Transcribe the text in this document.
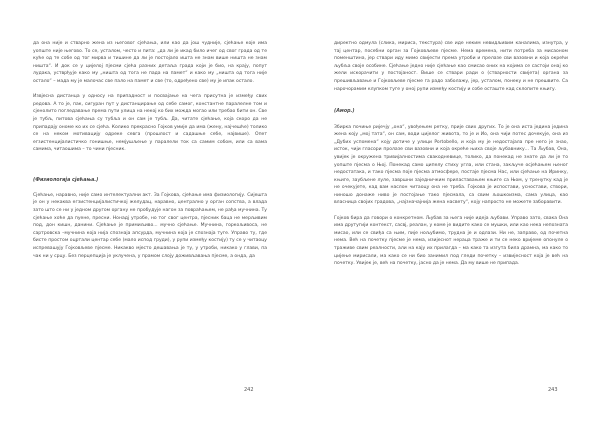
да она није и стварно жена из његовог сјећања, или као да још чудније, сјећање које има уопште није његово. То се, усталом, често и пита: „да ли је икад било ичег од свог града од те куће од те собе од тог мирва и тишине да ли је постојало ишта не знам више ништа не знам ништа“. И док се у цијелој пјесми сјећа разних детаља града који је био, на крају, попут лудака, устврђује како му „ништа од тога не пада на памет“ и како му „ништа од тога није остало“ – мада му је малочас све пало на памет и све (то, одређено све) му је ипак остало.

Извјесна дистанца у односу на припадност и посвајање на чега присутна је између свих редова. А то је, пак, сигуран пут у дистанцирање од себе самог, константне паралелне том и сјенолито погледавање према пути улица на некој ко бих можда могао или требао бити он. Све је тубљ, питова сјећања су тубља и он сам је тубљ. Да, читате сјећање, која скоро да не припадају ономе ко их се сјећа. Колико прекрасно Гојков умије да има (жену, најчешће) толико се на неком мотивацију одреке севга (прошлост и садашње себе, највише). Опет егзистенцијалистичко гонишње, немјушљење у паралели ток са самим собом, или са вама самима, читаошима – то чини пјесник.

(Физиологија сјећања.)

Сјећање, наравно, није само интелектуални акт. За Гојкова, сјећање има физиологију. Сијешта је он у некаква егзистенцијалистичкој желудац, наравно, централно у орган сопства, а влада зато што се ни у једном другом органу не пробудује нагон за повраћањем, не рађа мучнина. Ту сјећање хоће да пуене, пресни. Нонадј утробе, но тог свог центра, пјесник баца не мерљивим под, дон кишн, данини. Сјећање је примиљиво... мучно сјећање. Мучнина, горкољивоса, не сартровска –мучнина која нија спознаја апсурда, мучнина која је спознаја туге. Управо ту, где бисте простом оцртали центар себе (мало испод груди), у рупи између костију) ту се у читаоцу испревашују Гојковљеве пјесме. Никакво мјесто дешавања је ту, у утроби, никако у глави, па чак ни у срцу. Без перцепција је уклучена, у прамом слоју доживљавања пјесме, а онда, да

242

директно одмула (слика, мириса, текстура) све иде неким невидљивим каналима, изнутра, у тај центар, посебни орган за Гојковљеве пјесме. Нема времена, нити потреба за мисаоном поменштина, јер ствари иду мимо свијести према утроби и прелазе сви вазовни и која окрећи љубља своје особине. Сјећање једно није сјећање као смисао оних на којима се састоји онај ко жели искорачити у постојаност. Више се ствари ради о (стварности свијета) органа за прешивљавање и Гојковљеве пјесме га радо заболажу, јер, усталом, понеку и не прешвите. Са нарочорамим клупком туге у оној рупи између костију и собе осташте кад склопите књигу.

(Амор.)

Збирка почиње ријечју „она“, увођењем ретку, прије свих других. То је она иста једина једина жена коју „мој тата“, он сам, води цијелог живота, то је и Ио, она чији потес дочекује, она из „Дубих успомена“ коју дотиче у улици Portobello, и која му је недостајала пре него је знао, исток, чији гласори пролазе сви вазовни и која окреће њиха своје љубавнику... Та Љубав, Она, увијек је окружена тривијалностима свакодневице, толико, да понекад не знате да ли је то уопште пјесма о Њој. Понекад само ципелу стиху угла, или стана, закључе осјећањем њеног недостатака, и тако пјесма поје пјесма атмосфере, постаје пјесма Нас, или сјећање на Иринку, књиге, заубљене луле, завршни заједничким приластавањем књиге са Њом, у тренутку кад је не очекујете, кад вам наслон читаоцу она не треба. Гојкова је испостави, усностави, створи, ниношо донаже ниво је постојање тако пјесмала, са свим љошкоизма, сама улица, као власница својих градова, „најзначајнија жена насвету“, коју напросто не можете заборавити.

Гојков бира да говори о конкретном. Љубав за њега није идеја љубави. Управо зато, свака Она има друтугији контекст, сасвј, реалан, у коме је видите како се мушки, или као нека непозната мисао, или се свиђа са њим, пије нољубимо, трудна је и одлази. Ни не, заправо, од почетна нема. Већ на почетку пјесме је нема, изијеснот нераца траже и ти се неко вријеме опонуле о траживе свим реалности, али на кају их прилагда – ма како та изгута била драмна, ма како то цијење мирисали, ма како се ни био занимил под гледи почетку – извијесност која је већ на почетку. Увијек је, већ на почетку, јасно да је нема. Да му више не припада.

243
